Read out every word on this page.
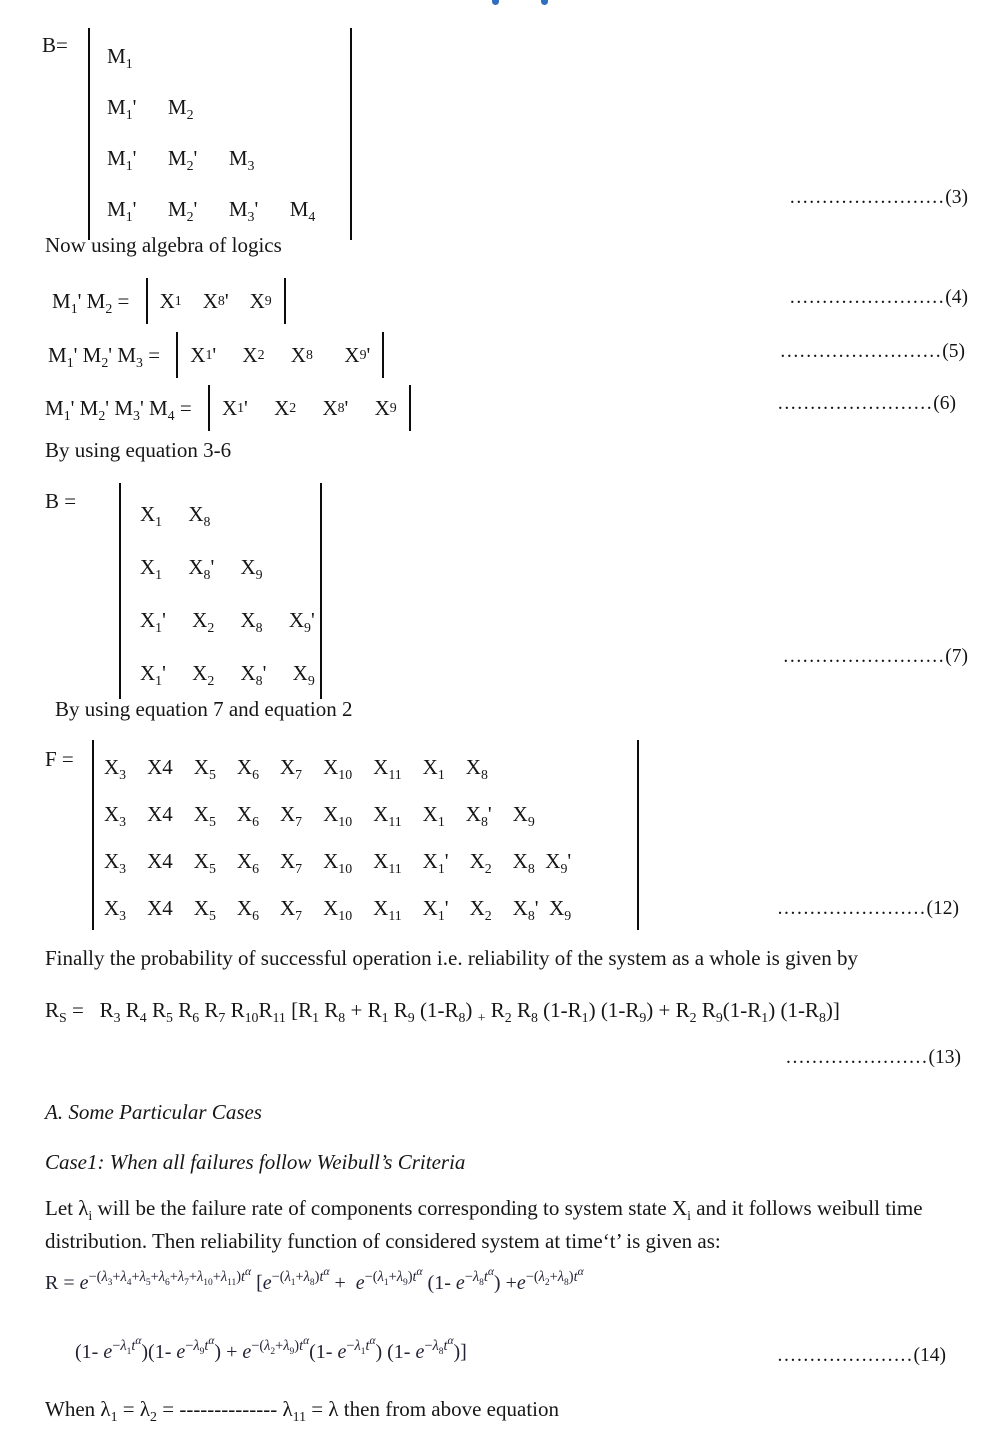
$B= M_1$
$M_1'$      $M_2$
$M_1'$      $M_2'$      $M_3$
$M_1'$      $M_2'$      $M_3'$      $M_4$
........................(3)
Now using algebra of logics
$M_1'$ $M_2$ =	X 1 X 8 '    X 9	........................(4)
$M_1'$ $M_2'$ $M_3$ =	X 1 '     X 2 X 8 X 9 '	.........................(5)
$M_1'$ $M_2'$ $M_3'$ $M_4$ =	X 1 '     X 2 X 8 '     X 9	........................(6)
By using equation 3-6
B =
$X_1$     $X_8$
$X_1$     $X_8'$     $X_9$
$X_1'$     $X_2$     $X_8$     $X_9'$
$X_1'$     $X_2$     $X_8'$     $X_9$
.........................(7)
By using equation 7 and equation 2
$F = X_3$    X4    $X_5$    $X_6$    $X_7$    $X_{10}$    $X_{11}$    $X_1$    $X_8$
$X_3$    X4    $X_5$    $X_6$    $X_7$    $X_{10}$    $X_{11}$    $X_1$    $X_8'$    $X_9$
$X_3$    X4    $X_5$    $X_6$    $X_7$    $X_{10}$    $X_{11}$    $X_1'$    $X_2$    $X_8$  $X_9'$
$X_3$    X4    $X_5$    $X_6$    $X_7$    $X_{10}$    $X_{11}$    $X_1'$    $X_2$    $X_8'$  $X_9$	.......................(12)
Finally the probability of successful operation i.e. reliability of the system as a whole is given by
$R_S = R_3$ $R_4$ $R_5$ $R_6$ $R_7$ $R_{10}R_{11}$ [$R_1$ $R_8 + R_1$ $R_9$ $(1-R_8)$ $_+$ $R_2$ $R_8$ $(1-R_1) (1-R_9) + R_2$ $R_9(1-R_1)$ $(1-R_8)$]
......................(13)
A. Some Particular Cases
Case1: When all failures follow Weibull’s Criteria
Let $\lambda_i$ will be the failure rate of components corresponding to system state $X_i$ and it follows weibull time
distribution. Then reliability function of considered system at time‘t’ is given as:
$R = e^{-(\lambda_3+\lambda_4+\lambda_5+\lambda_6+\lambda_7+\lambda_{10}+\lambda_{11})t^\alpha}$ [$e^{-(\lambda_1+\lambda_8)t^\alpha} + e^{-(\lambda_1+\lambda_9)t^\alpha}$ (1- $e^{-\lambda_8t^\alpha}) +e^{-(\lambda_2+\lambda_8)t^\alpha}$
(1- $e^{-\lambda_1t^\alpha})(1-$ $e^{-\lambda_9t^\alpha}) + e^{-(\lambda_2+\lambda_9)t^\alpha}(1-$ $e^{-\lambda_1t^\alpha}$) (1- $e^{-\lambda_8t^\alpha}$)]	.....................(14)
When $\lambda_1 = \lambda_2$ = -------------- $\lambda_{11} = \lambda$ then from above equation
